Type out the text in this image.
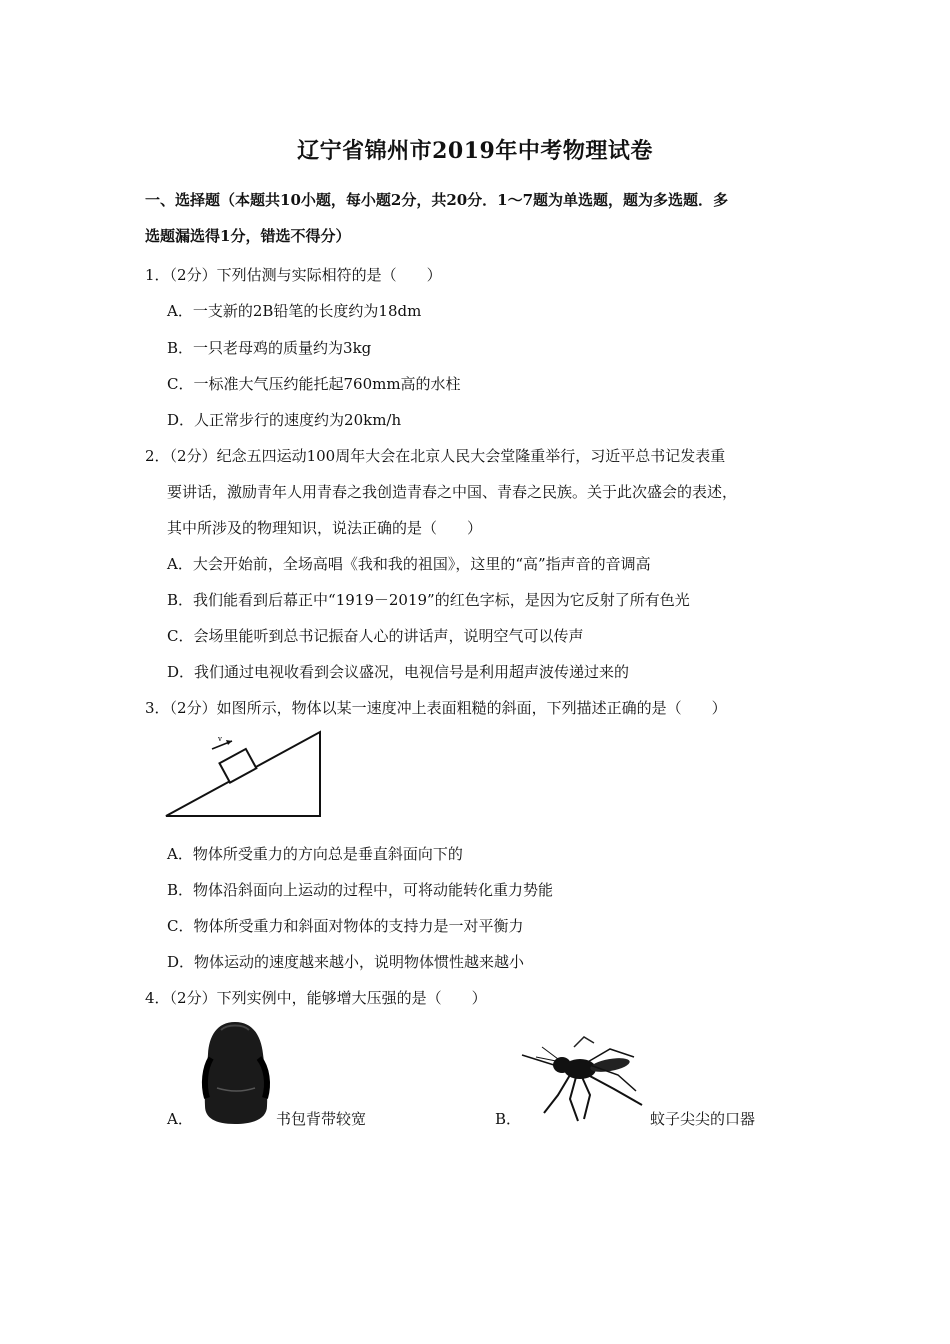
辽宁省锦州市2019年中考物理试卷
一、选择题（本题共10小题，每小题2分，共20分．1～7题为单选题，题为多选题．多
选题漏选得1分，错选不得分）
1．（2分）下列估测与实际相符的是（　　）
A．一支新的2B铅笔的长度约为18dm
B．一只老母鸡的质量约为3kg
C．一标准大气压约能托起760mm高的水柱
D．人正常步行的速度约为20km/h
2．（2分）纪念五四运动100周年大会在北京人民大会堂隆重举行，习近平总书记发表重
要讲话，激励青年人用青春之我创造青春之中国、青春之民族。关于此次盛会的表述，
其中所涉及的物理知识，说法正确的是（　　）
A．大会开始前，全场高唱《我和我的祖国》，这里的“高”指声音的音调高
B．我们能看到后幕正中“1919－2019”的红色字标，是因为它反射了所有色光
C．会场里能听到总书记振奋人心的讲话声，说明空气可以传声
D．我们通过电视收看到会议盛况，电视信号是利用超声波传递过来的
3．（2分）如图所示，物体以某一速度冲上表面粗糙的斜面，下列描述正确的是（　　）
v
A．物体所受重力的方向总是垂直斜面向下的
B．物体沿斜面向上运动的过程中，可将动能转化重力势能
C．物体所受重力和斜面对物体的支持力是一对平衡力
D．物体运动的速度越来越小，说明物体惯性越来越小
4．（2分）下列实例中，能够增大压强的是（　　）
A．	书包背带较宽	B．	蚊子尖尖的口器
